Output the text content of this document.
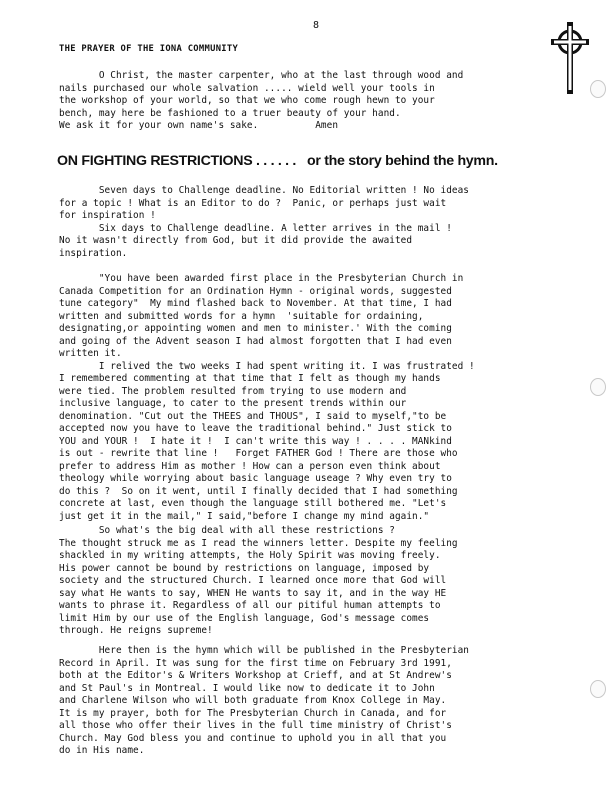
8
THE PRAYER OF THE IONA COMMUNITY
O Christ, the master carpenter, who at the last through wood and
nails purchased our whole salvation ..... wield well your tools in
the workshop of your world, so that we who come rough hewn to your
bench, may here be fashioned to a truer beauty of your hand.
We ask it for your own name's sake.          Amen
ON FIGHTING RESTRICTIONS . . . . . .   or the story behind the hymn.
Seven days to Challenge deadline. No Editorial written ! No ideas
for a topic ! What is an Editor to do ?  Panic, or perhaps just wait
for inspiration !
Six days to Challenge deadline. A letter arrives in the mail !
No it wasn't directly from God, but it did provide the awaited
inspiration.
"You have been awarded first place in the Presbyterian Church in
Canada Competition for an Ordination Hymn - original words, suggested
tune category"  My mind flashed back to November. At that time, I had
written and submitted words for a hymn  'suitable for ordaining,
designating,or appointing women and men to minister.' With the coming
and going of the Advent season I had almost forgotten that I had even
written it.
I relived the two weeks I had spent writing it. I was frustrated !
I remembered commenting at that time that I felt as though my hands
were tied. The problem resulted from trying to use modern and
inclusive language, to cater to the present trends within our
denomination. "Cut out the THEES and THOUS", I said to myself,"to be
accepted now you have to leave the traditional behind." Just stick to
YOU and YOUR !  I hate it !  I can't write this way ! . . . . MANkind
is out - rewrite that line !   Forget FATHER God ! There are those who
prefer to address Him as mother ! How can a person even think about
theology while worrying about basic language useage ? Why even try to
do this ?  So on it went, until I finally decided that I had something
concrete at last, even though the language still bothered me. "Let's
just get it in the mail," I said,"before I change my mind again."
So what's the big deal with all these restrictions ?
The thought struck me as I read the winners letter. Despite my feeling
shackled in my writing attempts, the Holy Spirit was moving freely.
His power cannot be bound by restrictions on language, imposed by
society and the structured Church. I learned once more that God will
say what He wants to say, WHEN He wants to say it, and in the way HE
wants to phrase it. Regardless of all our pitiful human attempts to
limit Him by our use of the English language, God's message comes
through. He reigns supreme!
Here then is the hymn which will be published in the Presbyterian
Record in April. It was sung for the first time on February 3rd 1991,
both at the Editor's & Writers Workshop at Crieff, and at St Andrew's
and St Paul's in Montreal. I would like now to dedicate it to John
and Charlene Wilson who will both graduate from Knox College in May.
It is my prayer, both for The Presbyterian Church in Canada, and for
all those who offer their lives in the full time ministry of Christ's
Church. May God bless you and continue to uphold you in all that you
do in His name.
